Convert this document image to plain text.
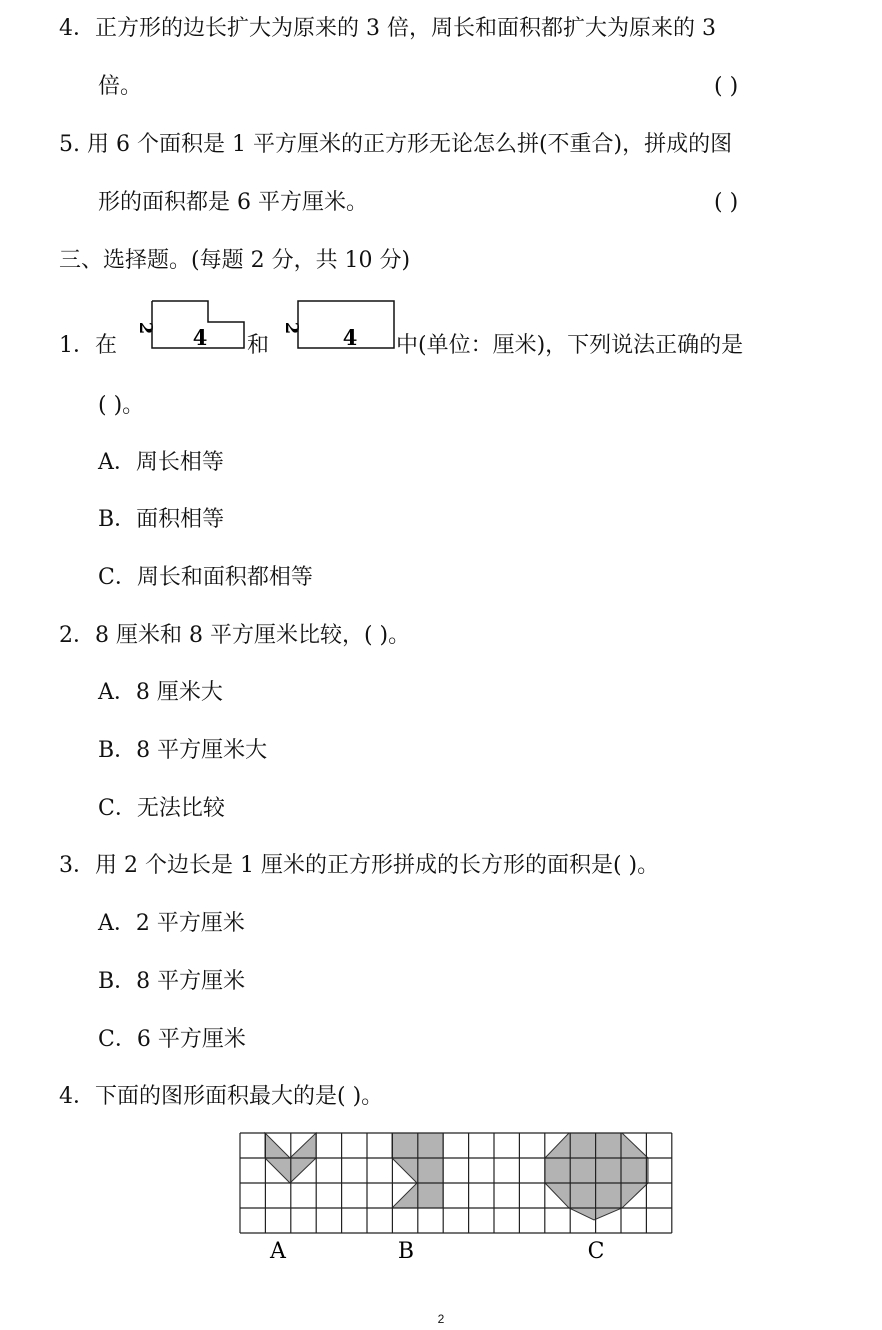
4．正方形的边长扩大为原来的 3 倍，周长和面积都扩大为原来的 3
倍。	( )
5. 用 6 个面积是 1 平方厘米的正方形无论怎么拼(不重合)，拼成的图
形的面积都是 6 平方厘米。	( )
三、选择题。(每题 2 分，共 10 分)
1．在
2 4 和
2 4 中(单位：厘米)，下列说法正确的是
( )。
A．周长相等
B．面积相等
C．周长和面积都相等
2．8 厘米和 8 平方厘米比较，( )。
A．8 厘米大
B．8 平方厘米大
C．无法比较
3．用 2 个边长是 1 厘米的正方形拼成的长方形的面积是( )。
A．2 平方厘米
B．8 平方厘米
C．6 平方厘米
4．下面的图形面积最大的是( )。
A	B	C
2
